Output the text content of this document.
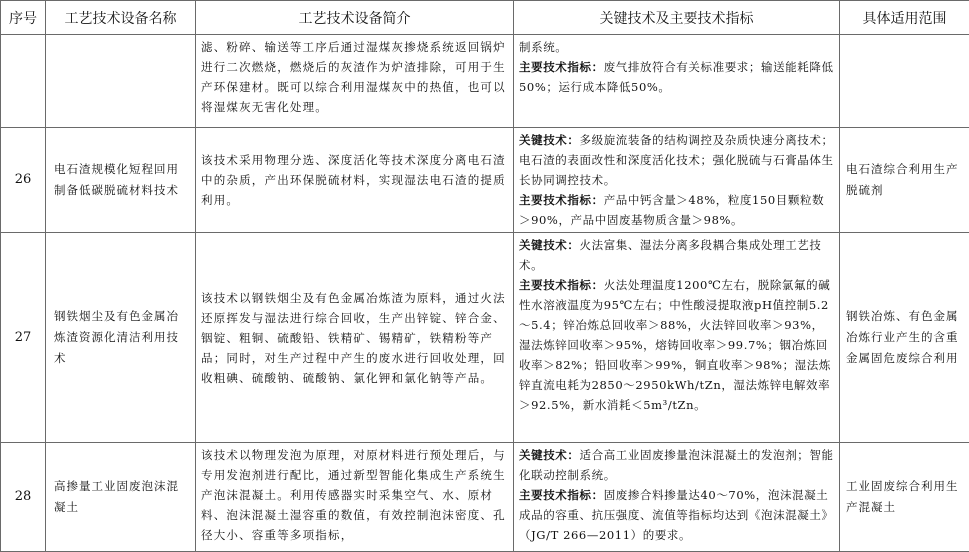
序号	工艺技术设备名称	工艺技术设备简介	关键技术及主要技术指标	具体适用范围
		滤、粉碎、输送等工序后通过湿煤灰掺烧系统返回锅炉进行二次燃烧，燃烧后的灰渣作为炉渣排除，可用于生产环保建材。既可以综合利用湿煤灰中的热值，也可以将湿煤灰无害化处理。	制系统。

主要技术指标：废气排放符合有关标准要求；输送能耗降低50%；运行成本降低50%。	

26	电石渣规模化短程回用制备低碳脱硫材料技术	该技术采用物理分选、深度活化等技术深度分离电石渣中的杂质，产出环保脱硫材料，实现湿法电石渣的提质利用。	关键技术：多级旋流装备的结构调控及杂质快速分离技术；电石渣的表面改性和深度活化技术；强化脱硫与石膏晶体生长协同调控技术。

主要技术指标：产品中钙含量＞48%，粒度150目颗粒数＞90%，产品中固废基物质含量＞98%。	电石渣综合利用生产脱硫剂
27	钢铁烟尘及有色金属冶炼渣资源化清洁利用技术	该技术以钢铁烟尘及有色金属冶炼渣为原料，通过火法还原挥发与湿法进行综合回收，生产出锌锭、锌合金、铟锭、粗铜、硫酸铅、铁精矿、锡精矿，铁精粉等产品；同时，对生产过程中产生的废水进行回收处理，回收粗碘、硫酸钠、硫酸钠、氯化钾和氯化钠等产品。	关键技术：火法富集、湿法分离多段耦合集成处理工艺技术。

主要技术指标：火法处理温度1200℃左右，脱除氯氟的碱性水溶液温度为95℃左右；中性酸浸提取液pH值控制5.2～5.4；锌冶炼总回收率＞88%，火法锌回收率＞93%，湿法炼锌回收率＞95%，熔铸回收率＞99.7%；铟冶炼回收率＞82%；铅回收率＞99%，铜直收率＞98%；湿法炼锌直流电耗为2850～2950kWh/tZn，湿法炼锌电解效率＞92.5%，新水消耗＜5m³/tZn。	钢铁冶炼、有色金属冶炼行业产生的含重金属固危废综合利用
28	高掺量工业固废泡沫混凝土	该技术以物理发泡为原理，对原材料进行预处理后，与专用发泡剂进行配比，通过新型智能化集成生产系统生产泡沫混凝土。利用传感器实时采集空气、水、原材料、泡沫混凝土湿容重的数值，有效控制泡沫密度、孔径大小、容重等多项指标，	关键技术：适合高工业固废掺量泡沫混凝土的发泡剂；智能化联动控制系统。

主要技术指标：固废掺合料掺量达40～70%，泡沫混凝土成品的容重、抗压强度、流值等指标均达到《泡沫混凝土》（JG/T 266—2011）的要求。	工业固废综合利用生产混凝土
